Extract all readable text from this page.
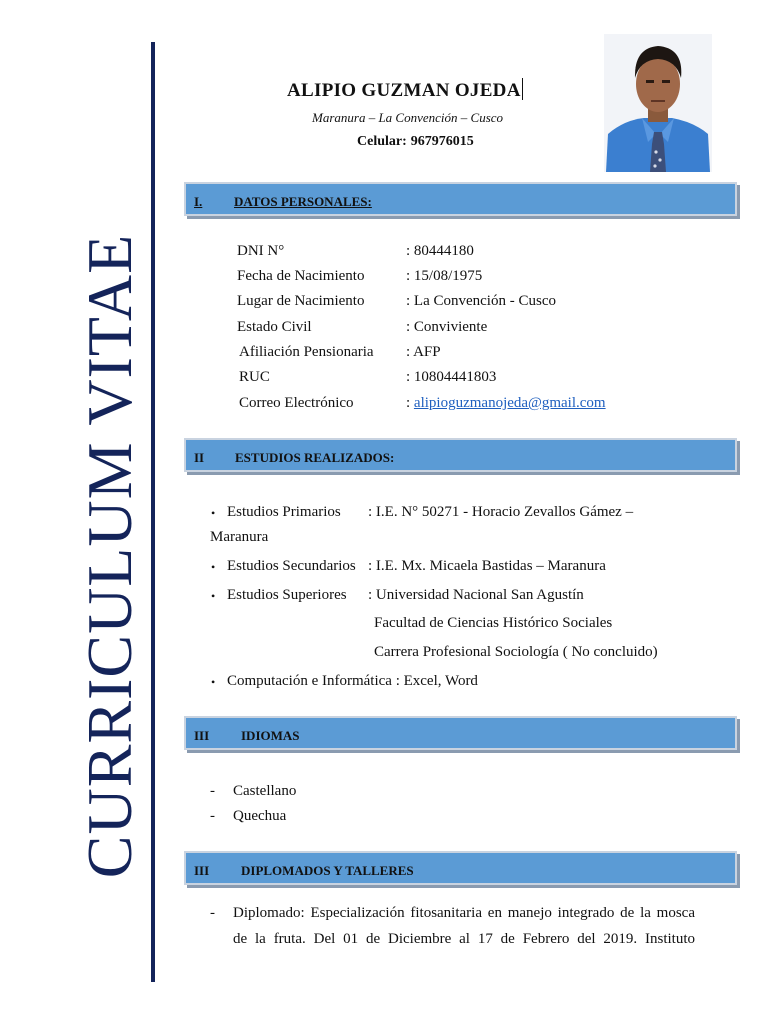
CURRICULUM VITAE
ALIPIO GUZMAN OJEDA
Maranura – La Convención – Cusco
Celular: 967976015
I. DATOS PERSONALES:
DNI N°	: 80444180
Fecha de Nacimiento	: 15/08/1975
Lugar de Nacimiento	: La Convención - Cusco
Estado Civil	: Conviviente
Afiliación Pensionaria : AFP
RUC	: 10804441803
Correo Electrónico	: alipioguzmanojeda@gmail.com
II ESTUDIOS REALIZADOS:
• Estudios Primarios : I.E. N° 50271 - Horacio Zevallos Gámez –
Maranura
• Estudios Secundarios : I.E. Mx. Micaela Bastidas – Maranura
• Estudios Superiores : Universidad Nacional San Agustín
Facultad de Ciencias Histórico Sociales
Carrera Profesional Sociología ( No concluido)
• Computación e Informática : Excel, Word
III IDIOMAS
- Castellano
- Quechua
III DIPLOMADOS Y TALLERES
- Diplomado: Especialización fitosanitaria en manejo integrado de la mosca
de la fruta. Del 01 de Diciembre al 17 de Febrero del 2019. Instituto
